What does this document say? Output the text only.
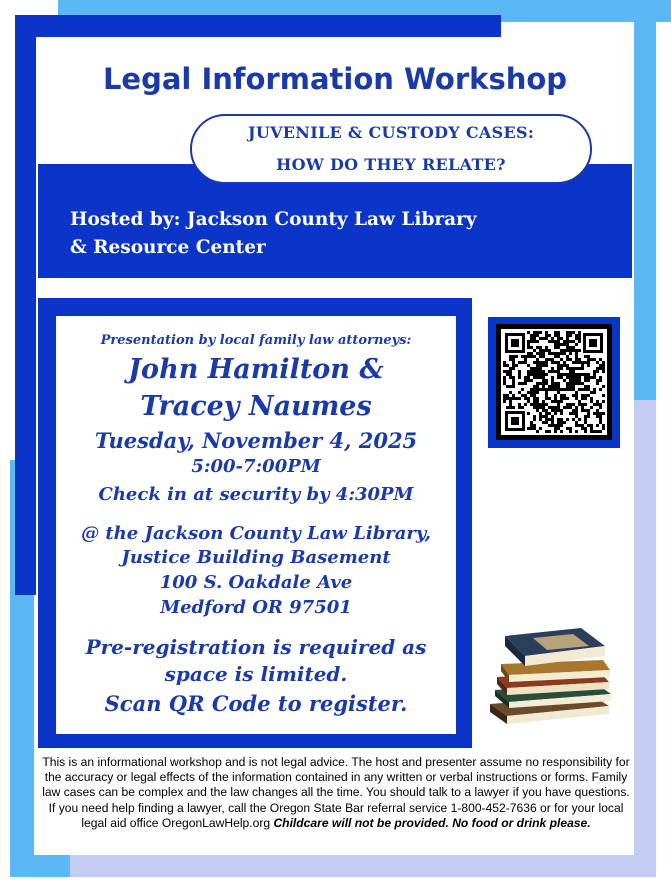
Legal Information Workshop
JUVENILE & CUSTODY CASES:
HOW DO THEY RELATE?
Hosted by: Jackson County Law Library
& Resource Center
Presentation by local family law attorneys:
John Hamilton &
Tracey Naumes
Tuesday, November 4, 2025
5:00-7:00PM
Check in at security by 4:30PM
@ the Jackson County Law Library,
Justice Building Basement
100 S. Oakdale Ave
Medford OR 97501
Pre-registration is required as
space is limited.
Scan QR Code to register.
This is an informational workshop and is not legal advice. The host and presenter assume no responsibility for the accuracy or legal effects of the information contained in any written or verbal instructions or forms. Family law cases can be complex and the law changes all the time. You should talk to a lawyer if you have questions. If you need help finding a lawyer, call the Oregon State Bar referral service 1-800-452-7636 or for your local legal aid office OregonLawHelp.org Childcare will not be provided. No food or drink please.
